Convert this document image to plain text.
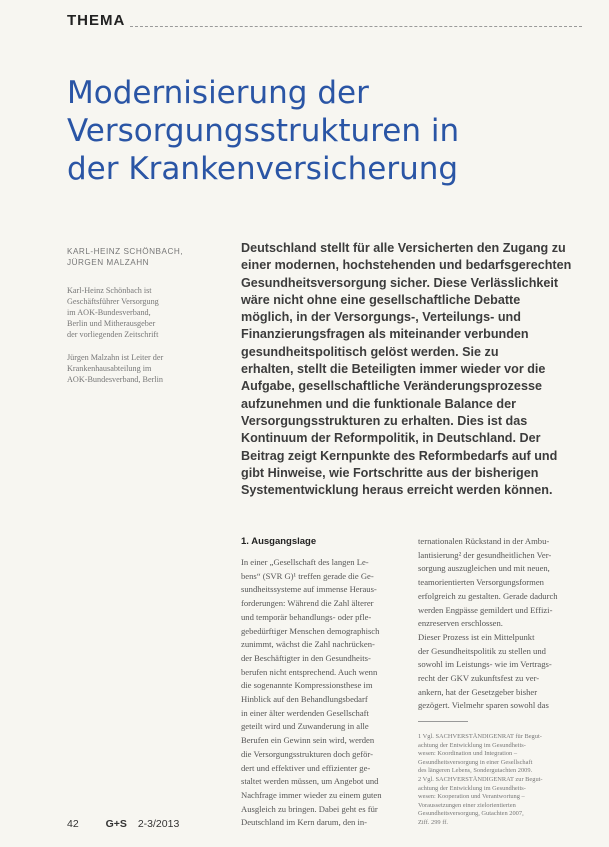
THEMA
Modernisierung der
Versorgungsstrukturen in
der Krankenversicherung
KARL-HEINZ SCHÖNBACH,
JÜRGEN MALZAHN
Karl-Heinz Schönbach ist
Geschäftsführer Versorgung
im AOK-Bundesverband,
Berlin und Mitherausgeber
der vorliegenden Zeitschrift
Jürgen Malzahn ist Leiter der
Krankenhausabteilung im
AOK-Bundesverband, Berlin
Deutschland stellt für alle Versicherten den Zugang zu
einer modernen, hochstehenden und bedarfsgerechten
Gesundheitsversorgung sicher. Diese Verlässlichkeit
wäre nicht ohne eine gesellschaftliche Debatte
möglich, in der Versorgungs-, Verteilungs- und
Finanzierungsfragen als miteinander verbunden
gesundheitspolitisch gelöst werden. Sie zu
erhalten, stellt die Beteiligten immer wieder vor die
Aufgabe, gesellschaftliche Veränderungsprozesse
aufzunehmen und die funktionale Balance der
Versorgungsstrukturen zu erhalten. Dies ist das
Kontinuum der Reformpolitik, in Deutschland. Der
Beitrag zeigt Kernpunkte des Reformbedarfs auf und
gibt Hinweise, wie Fortschritte aus der bisherigen
Systementwicklung heraus erreicht werden können.
1. Ausgangslage
In einer „Gesellschaft des langen Le-
bens“ (SVR G)¹ treffen gerade die Ge-
sundheitssysteme auf immense Heraus-
forderungen: Während die Zahl älterer
und temporär behandlungs- oder pfle-
gebedürftiger Menschen demographisch
zunimmt, wächst die Zahl nachrücken-
der Beschäftigter in den Gesundheits-
berufen nicht entsprechend. Auch wenn
die sogenannte Kompressionsthese im
Hinblick auf den Behandlungsbedarf
in einer älter werdenden Gesellschaft
geteilt wird und Zuwanderung in alle
Berufen ein Gewinn sein wird, werden
die Versorgungsstrukturen doch geför-
dert und effektiver und effizienter ge-
staltet werden müssen, um Angebot und
Nachfrage immer wieder zu einem guten
Ausgleich zu bringen. Dabei geht es für
Deutschland im Kern darum, den in-
ternationalen Rückstand in der Ambu-
lantisierung² der gesundheitlichen Ver-
sorgung auszugleichen und mit neuen,
teamorientierten Versorgungsformen
erfolgreich zu gestalten. Gerade dadurch
werden Engpässe gemildert und Effizi-
enzreserven erschlossen.
Dieser Prozess ist ein Mittelpunkt
der Gesundheitspolitik zu stellen und
sowohl im Leistungs- wie im Vertrags-
recht der GKV zukunftsfest zu ver-
ankern, hat der Gesetzgeber bisher
gezögert. Vielmehr sparen sowohl das
1 Vgl. SACHVERSTÄNDIGENRAT für Begut-
achtung der Entwicklung im Gesundheits-
wesen: Koordination und Integration –
Gesundheitsversorgung in einer Gesellschaft
des längeren Lebens, Sondergutachten 2009.
2 Vgl. SACHVERSTÄNDIGENRAT zur Begut-
achtung der Entwicklung im Gesundheits-
wesen: Kooperation und Verantwortung –
Voraussetzungen einer zielorientierten
Gesundheitsversorgung, Gutachten 2007,
Ziff. 299 ff.
42	G+S 2-3/2013
